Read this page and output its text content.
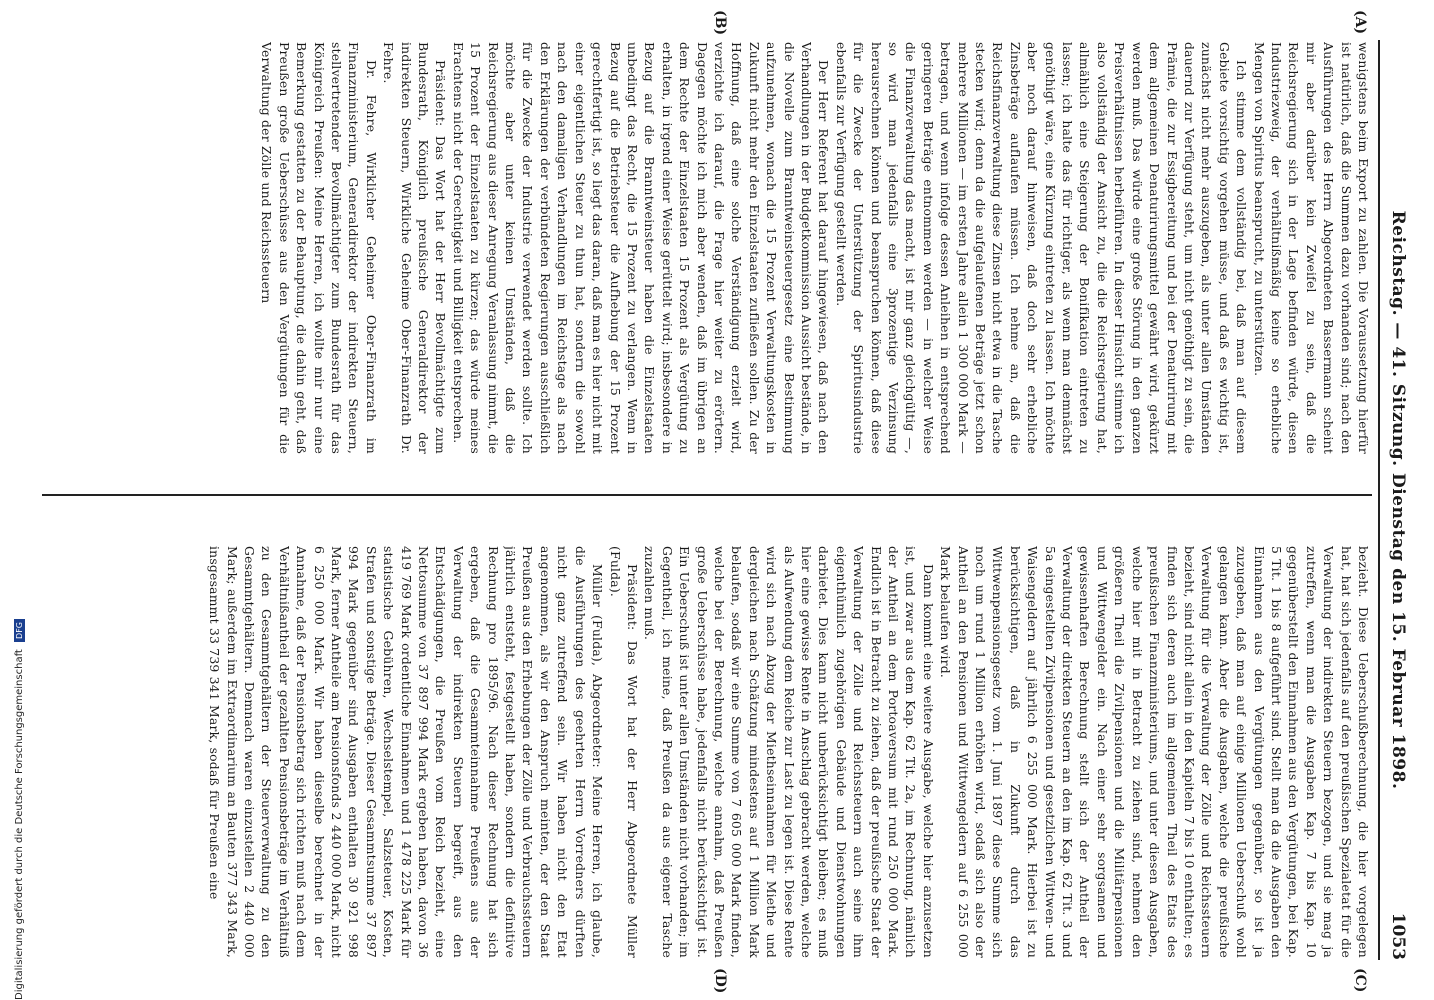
Reichstag. — 41. Sitzung. Dienstag den 15. Februar 1898.
1053
(A)
(B)
(C)
(D)

wenigstens beim Export zu zahlen. Die Voraussetzung hierfür ist natürlich, daß die Summen dazu vorhanden sind; nach den Ausführungen des Herrn Abgeordneten Bassermann scheint mir aber darüber kein Zweifel zu sein, daß die Reichsregierung sich in der Lage befinden würde, diesen Industriezweig, der verhältnißmäßig keine so erhebliche Mengen von Spiritus beansprucht, zu unterstützen.

Ich stimme dem vollständig bei, daß man auf diesem Gebiete vorsichtig vorgehen müsse, und daß es wichtig ist, zunächst nicht mehr auszugeben, als unter allen Umständen dauernd zur Verfügung steht, um nicht genöthigt zu sein, die Prämie, die zur Essigbereitung und bei der Denaturirung mit dem allgemeinen Denaturirungsmittel gewährt wird, gekürzt werden muß. Das würde eine große Störung in den ganzen Preisverhältnissen herbeiführen. In dieser Hinsicht stimme ich also vollständig der Ansicht zu, die die Reichsregierung hat, allmählich eine Steigerung der Bonifikation eintreten zu lassen; ich halte das für richtiger, als wenn man demnächst genöthigt wäre, eine Kürzung eintreten zu lassen. Ich möchte aber noch darauf hinweisen, daß doch sehr erhebliche Zinsbeträge auflaufen müssen. Ich nehme an, daß die Reichsfinanzverwaltung diese Zinsen nicht etwa in die Tasche stecken wird; denn da die aufgelaufenen Beträge jetzt schon mehrere Millionen — im ersten Jahre allein 1 300 000 Mark — betragen, und wenn infolge dessen Anleihen in entsprechend geringeren Beträge entnommen werden — in welcher Weise die Finanzverwaltung das macht, ist mir ganz gleichgültig —, so wird man jedenfalls eine 3prozentige Verzinsung herausrechnen können und beanspruchen können, daß diese für die Zwecke der Unterstützung der Spiritusindustrie ebenfalls zur Verfügung gestellt werden.

Der Herr Referent hat darauf hingewiesen, daß nach den Verhandlungen in der Budgetkommission Aussicht bestände, in die Novelle zum Branntweinsteuergesetz eine Bestimmung aufzunehmen, wonach die 15 Prozent Verwaltungskosten in Zukunft nicht mehr den Einzelstaaten zufließen sollen. Zu der Hoffnung, daß eine solche Verständigung erzielt wird, verzichte ich darauf, die Frage hier weiter zu erörtern. Dagegen möchte ich mich aber wenden, daß im übrigen an dem Rechte der Einzelstaaten 15 Prozent als Vergütung zu erhalten, in irgend einer Weise gerüttelt wird; insbesondere in Bezug auf die Branntweinsteuer haben die Einzelstaaten unbedingt das Recht, die 15 Prozent zu verlangen. Wenn in Bezug auf die Betriebsteuer die Aufhebung der 15 Prozent gerechtfertigt ist, so liegt das daran, daß man es hier nicht mit einer eigentlichen Steuer zu thun hat, sondern die sowohl nach den damaligen Verhandlungen im Reichstage als nach den Erklärungen der verbündeten Regierungen ausschließlich für die Zwecke der Industrie verwendet werden sollte. Ich möchte aber unter keinen Umständen, daß die Reichsregierung aus dieser Anregung Veranlassung nimmt, die 15 Prozent der Einzelstaaten zu kürzen; das würde meines Erachtens nicht der Gerechtigkeit und Billigkeit entsprechen.

Präsident: Das Wort hat der Herr Bevollmächtigte zum Bundesrath, Königlich preußische Generaldirektor der indirekten Steuern, Wirkliche Geheime Ober-Finanzrath Dr. Fehre.

Dr. Fehre, Wirklicher Geheimer Ober-Finanzrath im Finanzministerium, Generaldirektor der indirekten Steuern, stellvertretender Bevollmächtigter zum Bundesrath für das Königreich Preußen: Meine Herren, ich wollte mir nur eine Bemerkung gestatten zu der Behauptung, die dahin geht, daß Preußen große Ueberschüsse aus den Vergütungen für die Verwaltung der Zölle und Reichssteuern

bezieht. Diese Ueberschußberechnung, die hier vorgelegen hat, hat sich jedenfalls auf den preußischen Spezialetat für die Verwaltung der indirekten Steuern bezogen, und sie mag ja zutreffen, wenn man die Ausgaben Kap. 7 bis Kap. 10 gegenüberstellt den Einnahmen aus den Vergütungen, bei Kap. 5 Tit. 1 bis 8 aufgeführt sind. Stellt man da die Ausgaben den Einnahmen aus den Vergütungen gegenüber, so ist ja zuzugeben, daß man auf einige Millionen Ueberschuß wohl gelangen kann. Aber die Ausgaben, welche die preußische Verwaltung für die Verwaltung der Zölle und Reichssteuern bezieht, sind nicht allein in den Kapiteln 7 bis 10 enthalten; es finden sich deren auch im allgemeinen Theil des Etats des preußischen Finanzministeriums, und unter diesen Ausgaben, welche hier mit in Betracht zu ziehen sind, nehmen den größeren Theil die Zivilpensionen und die Militärpensionen und Wittwengelder ein. Nach einer sehr sorgsamen und gewissenhaften Berechnung stellt sich der Antheil der Verwaltung der direkten Steuern an den im Kap. 62 Tit. 3 und 5a eingestellten Zivilpensionen und gesetzlichen Wittwen- und Waisengeldern auf jährlich 6 255 000 Mark. Hierbei ist zu berücksichtigen, daß in Zukunft durch das Wittwenpensionsgesetz vom 1. Juni 1897 diese Summe sich noch um rund 1 Million erhöhen wird, sodaß sich also der Antheil an den Pensionen und Wittwengeldern auf 6 255 000 Mark belaufen wird.

Dann kommt eine weitere Ausgabe, welche hier anzusetzen ist, und zwar aus dem Kap. 62 Tit. 2a, im Rechnung, nämlich der Antheil an dem Portoaversum mit rund 250 000 Mark. Endlich ist in Betracht zu ziehen, daß der preußische Staat der Verwaltung der Zölle und Reichssteuern auch seine ihm eigenthümlich zugehörigen Gebäude und Dienstwohnungen darbietet. Dies kann nicht unberücksichtigt bleiben; es muß hier eine gewisse Rente in Anschlag gebracht werden, welche als Aufwendung dem Reiche zur Last zu legen ist. Diese Rente wird sich nach Abzug der Miethseinnahmen für Miethe und dergleichen nach Schätzung mindestens auf 1 Million Mark belaufen, sodaß wir eine Summe von 7 605 000 Mark finden, welche bei der Berechnung, welche annahm, daß Preußen große Ueberschüsse habe, jedenfalls nicht berücksichtigt ist. Ein Ueberschuß ist unter allen Umständen nicht vorhanden; im Gegentheil, ich meine, daß Preußen da aus eigener Tasche zuzahlen muß.

Präsident: Das Wort hat der Herr Abgeordnete Müller (Fulda).

Müller (Fulda), Abgeordneter: Meine Herren, ich glaube, die Ausführungen des geehrten Herrn Vorredners dürften nicht ganz zutreffend sein. Wir haben nicht den Etat angenommen, als wir den Anspruch meinten, der den Staat Preußen aus den Erhebungen der Zölle und Verbrauchssteuern jährlich entsteht, festgestellt haben, sondern die definitive Rechnung pro 1895/96. Nach dieser Rechnung hat sich ergeben, daß die Gesammteinnahme Preußens aus der Verwaltung der indirekten Steuern begreift, aus den Entschädigungen, die Preußen vom Reich bezieht, eine Nettosumme von 37 897 994 Mark ergeben haben, davon 36 419 769 Mark ordentliche Einnahmen und 1 478 225 Mark für statistische Gebühren, Wechselstempel, Salzsteuer, Kosten, Strafen und sonstige Beträge. Dieser Gesammtsumme 37 897 994 Mark gegenüber sind Ausgaben enthalten 30 921 998 Mark, ferner Antheile am Pensionsfonds 2 440 000 Mark, nicht 6 250 000 Mark. Wir haben dieselbe berechnet in der Annahme, daß der Pensionsbetrag sich richten muß nach dem Verhältnißantheil der gezahlten Pensionsbeträge im Verhältniß zu den Gesammtgehältern der Steuerverwaltung zu den Gesammtgehältern. Demnach waren einzustellen 2 440 000 Mark; außerdem im Extraordinarium an Bauten 377 343 Mark, insgesammt 33 739 341 Mark, sodaß für Preußen eine

Digitalisierung gefördert durch die Deutsche Forschungsgemeinschaft DFG
